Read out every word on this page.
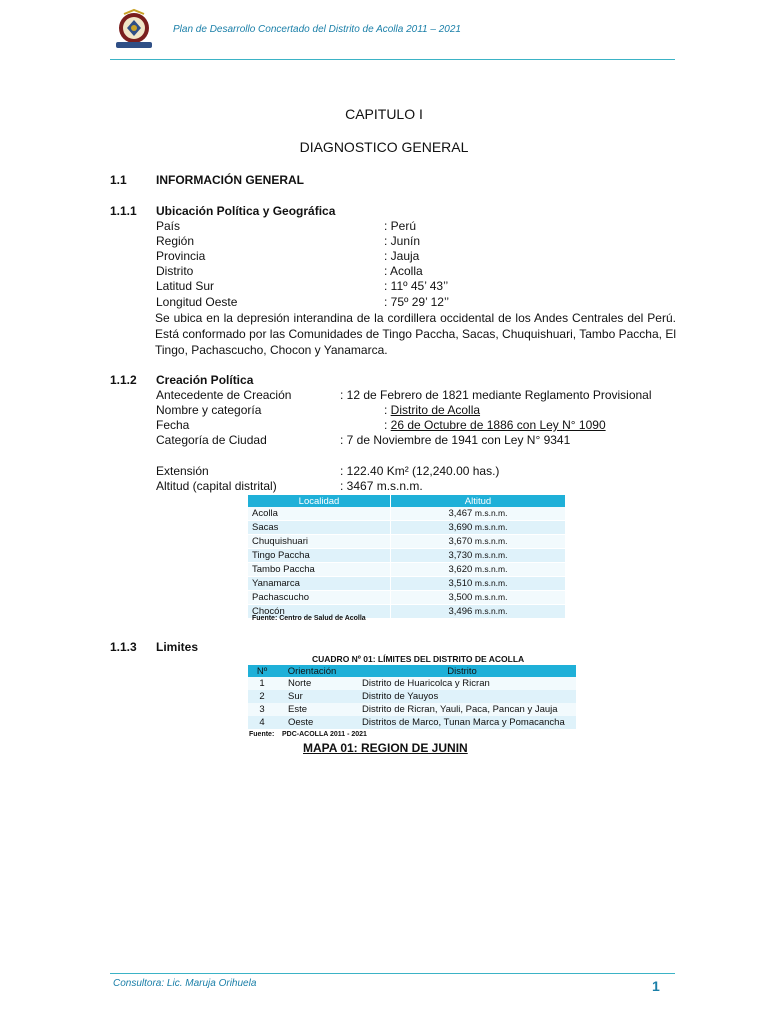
Plan de Desarrollo Concertado del Distrito de Acolla 2011 – 2021
CAPITULO I
DIAGNOSTICO GENERAL
1.1 INFORMACIÓN GENERAL
1.1.1 Ubicación Política y Geográfica
País	: Perú
Región	: Junín
Provincia	: Jauja
Distrito	: Acolla
Latitud Sur	: 11º 45’ 43’’
Longitud Oeste	: 75º 29’ 12’’
Se ubica en la depresión interandina de la cordillera occidental de los Andes Centrales del Perú. Está conformado por las Comunidades de Tingo Paccha, Sacas, Chuquishuari, Tambo Paccha, El Tingo, Pachascucho, Chocon y Yanamarca.
1.1.2 Creación Política
Antecedente de Creación	: 12 de Febrero de 1821 mediante Reglamento Provisional
Nombre y categoría	: Distrito de Acolla
Fecha	: 26 de Octubre de 1886 con Ley N° 1090
Categoría de Ciudad	: 7 de Noviembre de 1941 con Ley N° 9341
Extensión	: 122.40 Km² (12,240.00 has.)
Altitud (capital distrital)	: 3467 m.s.n.m.
Localidad	Altitud
Acolla	3,467 m.s.n.m.
Sacas	3,690 m.s.n.m.
Chuquishuari	3,670 m.s.n.m.
Tingo Paccha	3,730 m.s.n.m.
Tambo Paccha	3,620 m.s.n.m.
Yanamarca	3,510 m.s.n.m.
Pachascucho	3,500 m.s.n.m.
Chocón	3,496 m.s.n.m.
Fuente: Centro de Salud de Acolla
1.1.3 Limites
CUADRO Nº 01: LÍMITES DEL DISTRITO DE ACOLLA
Nº	Orientación	Distrito
1	Norte	Distrito de Huaricolca y Ricran
2	Sur	Distrito de Yauyos
3	Este	Distrito de Ricran, Yauli, Paca, Pancan y Jauja
4	Oeste	Distritos de Marco, Tunan Marca y Pomacancha
Fuente: PDC-ACOLLA 2011 - 2021
MAPA 01: REGION DE JUNIN
Consultora: Lic. Maruja Orihuela	1
